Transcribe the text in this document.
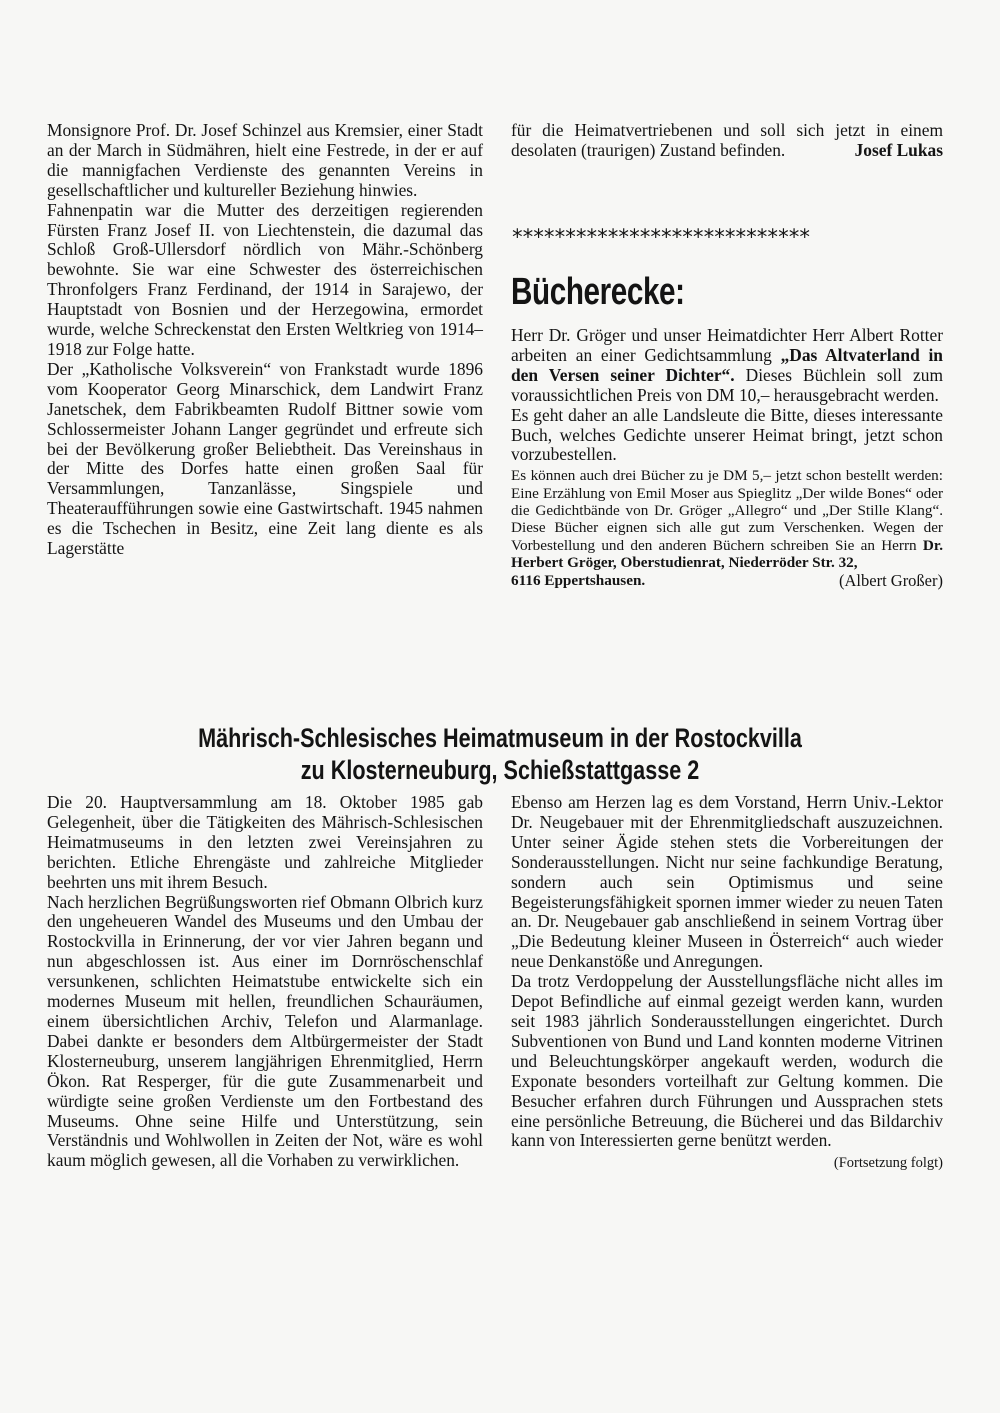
Monsignore Prof. Dr. Josef Schinzel aus Kremsier, einer Stadt an der March in Südmähren, hielt eine Festrede, in der er auf die mannigfachen Verdienste des genannten Vereins in gesellschaftlicher und kultureller Beziehung hinwies.

Fahnenpatin war die Mutter des derzeitigen regierenden Fürsten Franz Josef II. von Liechtenstein, die dazumal das Schloß Groß-Ullersdorf nördlich von Mähr.-Schönberg bewohnte. Sie war eine Schwester des österreichischen Thronfolgers Franz Ferdinand, der 1914 in Sarajewo, der Hauptstadt von Bosnien und der Herzegowina, ermordet wurde, welche Schreckenstat den Ersten Weltkrieg von 1914–1918 zur Folge hatte.

Der „Katholische Volksverein“ von Frankstadt wurde 1896 vom Kooperator Georg Minarschick, dem Landwirt Franz Janetschek, dem Fabrikbeamten Rudolf Bittner sowie vom Schlossermeister Johann Langer gegründet und erfreute sich bei der Bevölkerung großer Beliebtheit. Das Vereinshaus in der Mitte des Dorfes hatte einen großen Saal für Versammlungen, Tanzanlässe, Singspiele und Theateraufführungen sowie eine Gastwirtschaft. 1945 nahmen es die Tschechen in Besitz, eine Zeit lang diente es als Lagerstätte

für die Heimatvertriebenen und soll sich jetzt in einem desolaten (traurigen) Zustand befinden.	Josef Lukas

****************************
Bücherecke:

Herr Dr. Gröger und unser Heimatdichter Herr Albert Rotter arbeiten an einer Gedichtsammlung „Das Altvaterland in den Versen seiner Dichter“. Dieses Büchlein soll zum voraussichtlichen Preis von DM 10,– herausgebracht werden.

Es geht daher an alle Landsleute die Bitte, dieses interessante Buch, welches Gedichte unserer Heimat bringt, jetzt schon vorzubestellen.

Es können auch drei Bücher zu je DM 5,– jetzt schon bestellt werden: Eine Erzählung von Emil Moser aus Spieglitz „Der wilde Bones“ oder die Gedichtbände von Dr. Gröger „Allegro“ und „Der Stille Klang“. Diese Bücher eignen sich alle gut zum Verschenken. Wegen der Vorbestellung und den anderen Büchern schreiben Sie an Herrn Dr. Herbert Gröger, Oberstudienrat, Niederröder Str. 32,

6116 Eppertshausen.	(Albert Großer)
Mährisch-Schlesisches Heimatmuseum in der Rostockvilla
zu Klosterneuburg, Schießstattgasse 2

Die 20. Hauptversammlung am 18. Oktober 1985 gab Gelegenheit, über die Tätigkeiten des Mährisch-Schlesischen Heimatmuseums in den letzten zwei Vereinsjahren zu berichten. Etliche Ehrengäste und zahlreiche Mitglieder beehrten uns mit ihrem Besuch.

Nach herzlichen Begrüßungsworten rief Obmann Olbrich kurz den ungeheueren Wandel des Museums und den Umbau der Rostockvilla in Erinnerung, der vor vier Jahren begann und nun abgeschlossen ist. Aus einer im Dornröschenschlaf versunkenen, schlichten Heimatstube entwickelte sich ein modernes Museum mit hellen, freundlichen Schauräumen, einem übersichtlichen Archiv, Telefon und Alarmanlage. Dabei dankte er besonders dem Altbürgermeister der Stadt Klosterneuburg, unserem langjährigen Ehrenmitglied, Herrn Ökon. Rat Resperger, für die gute Zusammenarbeit und würdigte seine großen Verdienste um den Fortbestand des Museums. Ohne seine Hilfe und Unterstützung, sein Verständnis und Wohlwollen in Zeiten der Not, wäre es wohl kaum möglich gewesen, all die Vorhaben zu verwirklichen.

Ebenso am Herzen lag es dem Vorstand, Herrn Univ.-Lektor Dr. Neugebauer mit der Ehrenmitgliedschaft auszuzeichnen. Unter seiner Ägide stehen stets die Vorbereitungen der Sonderausstellungen. Nicht nur seine fachkundige Beratung, sondern auch sein Optimismus und seine Begeisterungsfähigkeit spornen immer wieder zu neuen Taten an. Dr. Neugebauer gab anschließend in seinem Vortrag über „Die Bedeutung kleiner Museen in Österreich“ auch wieder neue Denkanstöße und Anregungen.

Da trotz Verdoppelung der Ausstellungsfläche nicht alles im Depot Befindliche auf einmal gezeigt werden kann, wurden seit 1983 jährlich Sonderausstellungen eingerichtet. Durch Subventionen von Bund und Land konnten moderne Vitrinen und Beleuchtungskörper angekauft werden, wodurch die Exponate besonders vorteilhaft zur Geltung kommen. Die Besucher erfahren durch Führungen und Aussprachen stets eine persönliche Betreuung, die Bücherei und das Bildarchiv kann von Interessierten gerne benützt werden.

(Fortsetzung folgt)
